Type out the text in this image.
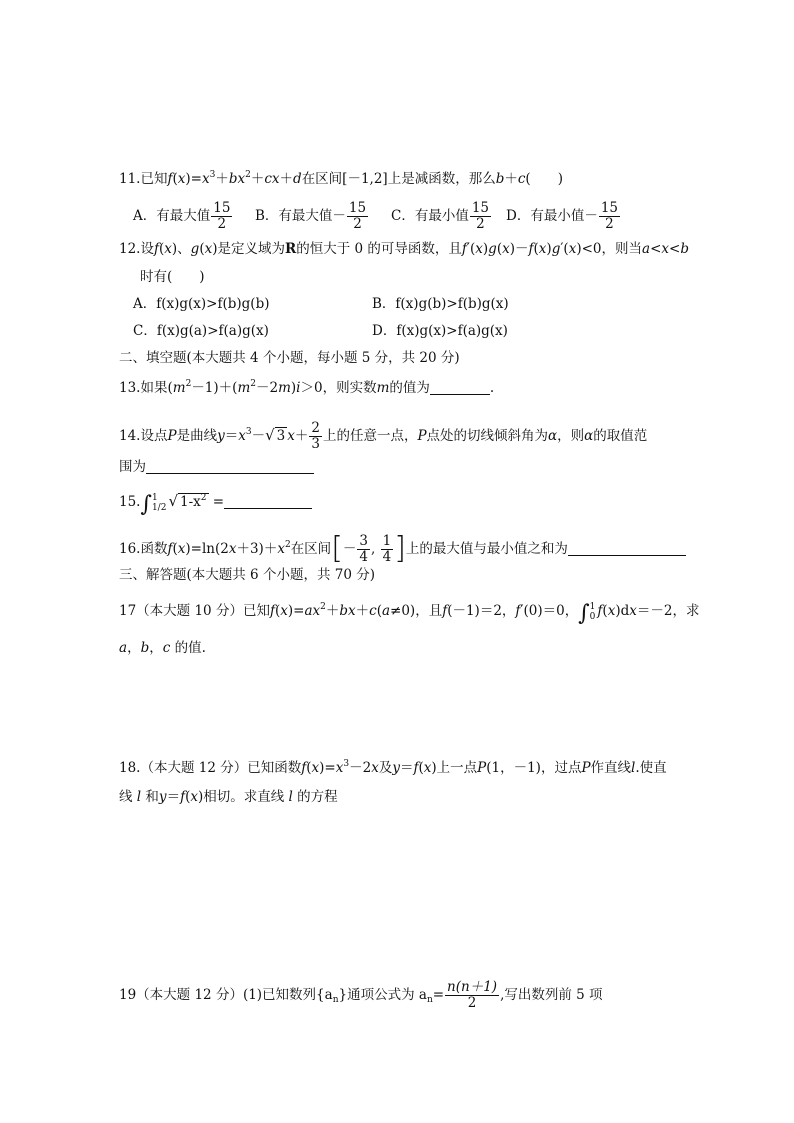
11.已知$f(x)=x^3+bx^2+cx+d$在区间[－1,2]上是减函数，那么b＋c(　　)
A．有最大值 $\frac{15}{2}$ B．有最大值－ $\frac{15}{2}$ C．有最小值 $\frac{15}{2}$ D．有最小值－ $\frac{15}{2}$
12.设f(x)、g(x)是定义域为R的恒大于 0 的可导函数，且f′(x)g(x)－f(x)g′(x)<0，则当a<x<b
时有(　　)
A．f(x)g(x)>f(b)g(b)	B．f(x)g(b)>f(b)g(x)
C．f(x)g(a)>f(a)g(x)	D．f(x)g(x)>f(a)g(x)
二、填空题(本大题共 4 个小题，每小题 5 分，共 20 分)
13.如果$(m^2-1)+(m^2-2m)i>0$，则实数m的值为	.
14.设点P是曲线$y=x^3-√$ 3 $x+ \frac{2}{3}$ 上的任意一点，P点处的切线倾斜角为α，则α的取值范
围为
15.∫ 1
1/2 √ $1-x^2$ =
16.函数$f(x)=\ln(2x+3)+x^2$在区间[－ $\frac{3}{4}$ , $\frac{1}{4}$ ]上的最大值与最小值之和为
三、解答题(本大题共 6 个小题，共 70 分)
17（本大题 10 分）已知$f(x)=ax^2+bx+c(a\ne 0)$，且f(－1)＝2，f′(0)＝0，∫ 1
0 f(x)dx＝－2，求
a，b，c 的值.
18.（本大题 12 分）已知函数$f(x)=x^3-2x$及y＝f(x)上一点P(1，－1)，过点P作直线l.使直
线 l 和y＝f(x)相切。求直线 l 的方程
19（本大题 12 分）(1)已知数列$\{a_n\}$通项公式为 $a_n= \frac{n(n+1)}{2}$ ,写出数列前 5 项
